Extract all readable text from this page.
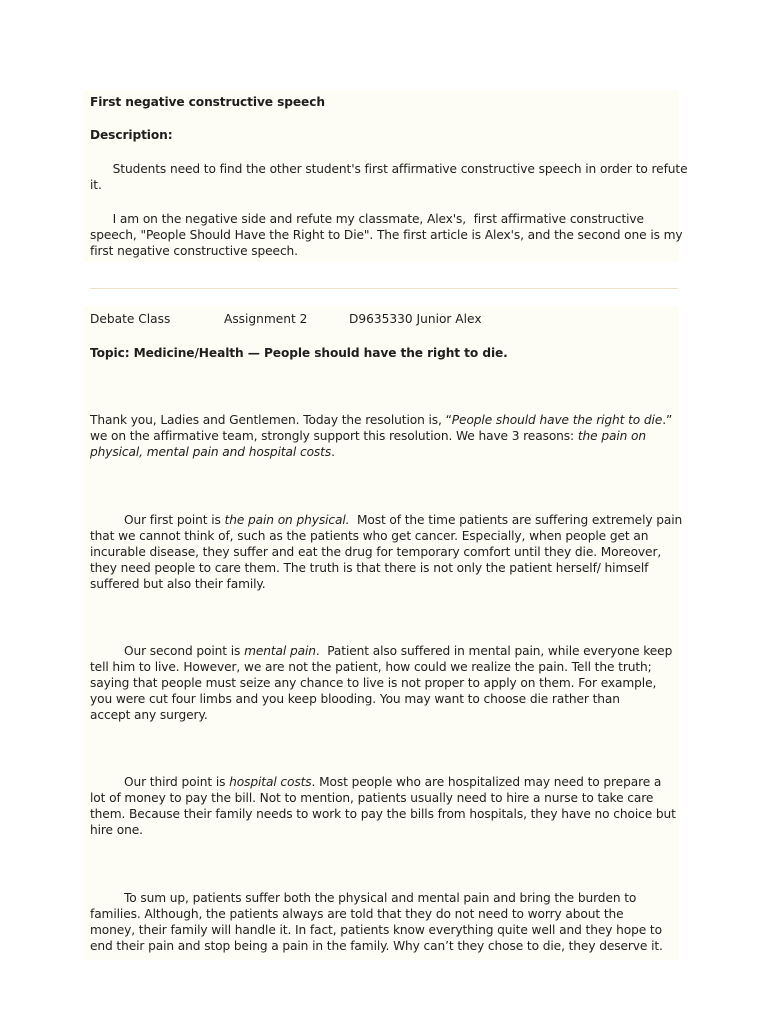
First negative constructive speech
Description:
Students need to find the other student's first affirmative constructive speech in order to refute
it.
I am on the negative side and refute my classmate, Alex's,  first affirmative constructive
speech, "People Should Have the Right to Die". The first article is Alex's, and the second one is my
first negative constructive speech.
Debate Class	Assignment 2	D9635330 Junior Alex
Topic: Medicine/Health — People should have the right to die.
Thank you, Ladies and Gentlemen. Today the resolution is, “People should have the right to die.”
we on the affirmative team, strongly support this resolution. We have 3 reasons: the pain on
physical, mental pain and hospital costs.
Our first point is the pain on physical.  Most of the time patients are suffering extremely pain
that we cannot think of, such as the patients who get cancer. Especially, when people get an
incurable disease, they suffer and eat the drug for temporary comfort until they die. Moreover,
they need people to care them. The truth is that there is not only the patient herself/ himself
suffered but also their family.
Our second point is mental pain.  Patient also suffered in mental pain, while everyone keep
tell him to live. However, we are not the patient, how could we realize the pain. Tell the truth;
saying that people must seize any chance to live is not proper to apply on them. For example,
you were cut four limbs and you keep blooding. You may want to choose die rather than
accept any surgery.
Our third point is hospital costs. Most people who are hospitalized may need to prepare a
lot of money to pay the bill. Not to mention, patients usually need to hire a nurse to take care
them. Because their family needs to work to pay the bills from hospitals, they have no choice but
hire one.
To sum up, patients suffer both the physical and mental pain and bring the burden to
families. Although, the patients always are told that they do not need to worry about the
money, their family will handle it. In fact, patients know everything quite well and they hope to
end their pain and stop being a pain in the family. Why can’t they chose to die, they deserve it.
